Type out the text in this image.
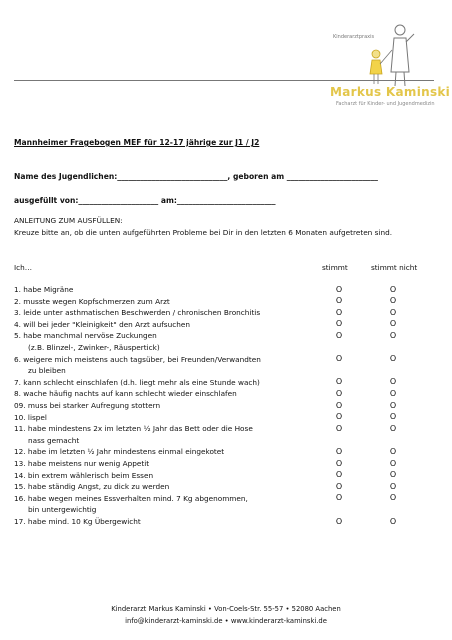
Kinderarztpraxis
Markus Kaminski
Facharzt für Kinder- und Jugendmedizin
Mannheimer Fragebogen MEF für 12-17 jährige zur J1 / J2
Name des Jugendlichen:_____________________________, geboren am ________________________
ausgefüllt von:_____________________ am:__________________________
ANLEITUNG ZUM AUSFÜLLEN:
Kreuze bitte an, ob die unten aufgeführten Probleme bei Dir in den letzten 6 Monaten aufgetreten sind.
Ich…	stimmt	stimmt nicht
1. habe Migräne	O	O
2. musste wegen Kopfschmerzen zum Arzt	O	O
3. leide unter asthmatischen Beschwerden / chronischen Bronchitis	O	O
4. will bei jeder "Kleinigkeit" den Arzt aufsuchen	O	O
5. habe manchmal nervöse Zuckungen	O	O
(z.B. Blinzel-, Zwinker-, Räuspertick)
6. weigere mich meistens auch tagsüber, bei Freunden/Verwandten	O	O
zu bleiben
7. kann schlecht einschlafen (d.h. liegt mehr als eine Stunde wach)	O	O
8. wache häufig nachts auf kann schlecht wieder einschlafen	O	O
09. muss bei starker Aufregung stottern	O	O
10. lispel	O	O
11. habe mindestens 2x im letzten ½ Jahr das Bett oder die Hose	O	O
nass gemacht
12. habe im letzten ½ Jahr mindestens einmal eingekotet	O	O
13. habe meistens nur wenig Appetit	O	O
14. bin extrem wählerisch beim Essen	O	O
15. habe ständig Angst, zu dick zu werden	O	O
16. habe wegen meines Essverhalten mind. 7 Kg abgenommen,	O	O
bin untergewichtig
17. habe mind. 10 Kg Übergewicht	O	O
Kinderarzt Markus Kaminski • Von-Coels-Str. 55-57 • 52080 Aachen
info@kinderarzt-kaminski.de • www.kinderarzt-kaminski.de
